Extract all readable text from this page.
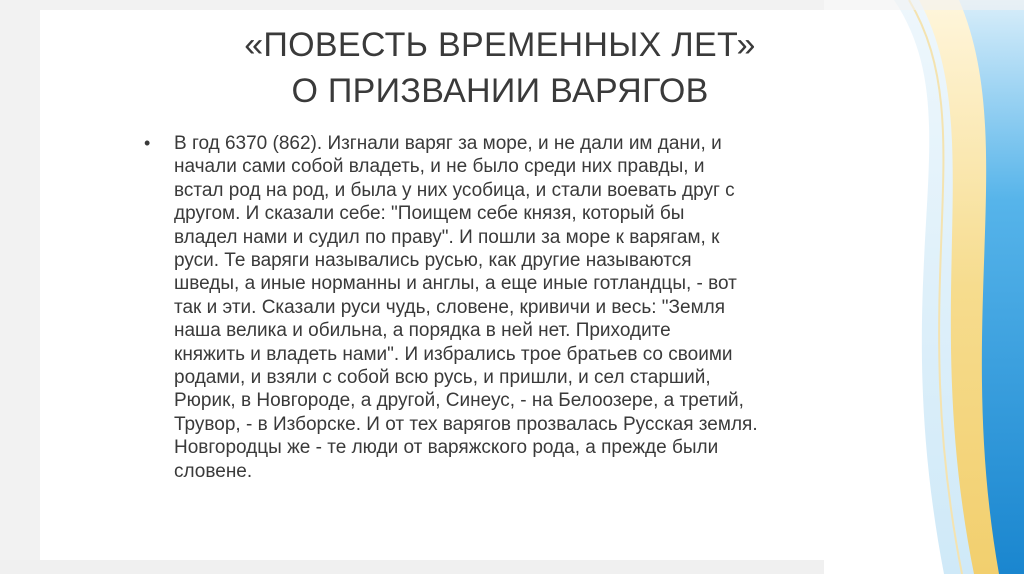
«ПОВЕСТЬ ВРЕМЕННЫХ ЛЕТ»
О ПРИЗВАНИИ ВАРЯГОВ
• В год 6370 (862). Изгнали варяг за море, и не дали им дани, и
начали сами собой владеть, и не было среди них правды, и
встал род на род, и была у них усобица, и стали воевать друг с
другом. И сказали себе: "Поищем себе князя, который бы
владел нами и судил по праву". И пошли за море к варягам, к
руси. Те варяги назывались русью, как другие называются
шведы, а иные норманны и англы, а еще иные готландцы, - вот
так и эти. Сказали руси чудь, словене, кривичи и весь: "Земля
наша велика и обильна, а порядка в ней нет. Приходите
княжить и владеть нами". И избрались трое братьев со своими
родами, и взяли с собой всю русь, и пришли, и сел старший,
Рюрик, в Новгороде, а другой, Синеус, - на Белоозере, а третий,
Трувор, - в Изборске. И от тех варягов прозвалась Русская земля.
Новгородцы же - те люди от варяжского рода, а прежде были
словене.
